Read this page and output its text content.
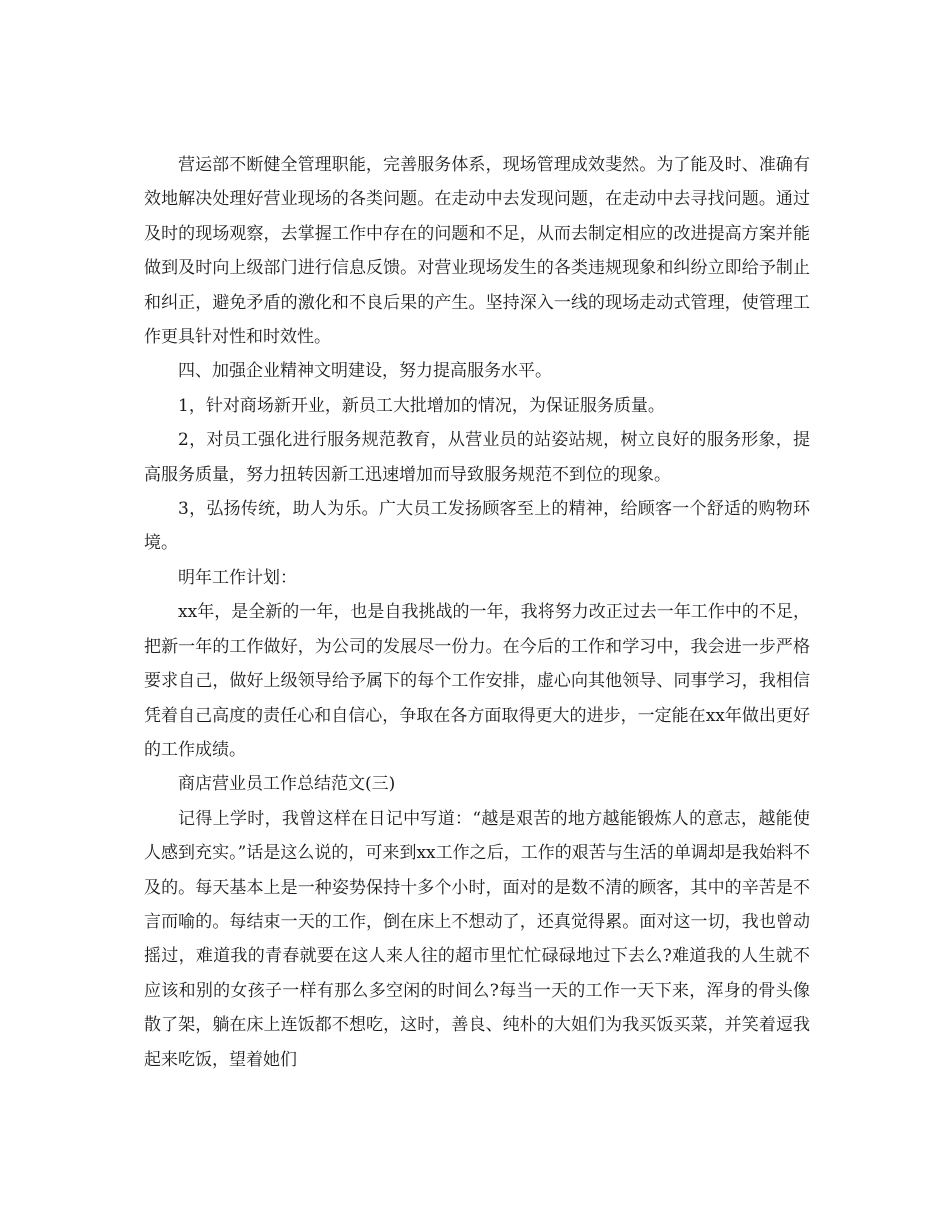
营运部不断健全管理职能，完善服务体系，现场管理成效斐然。为了能及时、准确有效地解决处理好营业现场的各类问题。在走动中去发现问题，在走动中去寻找问题。通过及时的现场观察，去掌握工作中存在的问题和不足，从而去制定相应的改进提高方案并能做到及时向上级部门进行信息反馈。对营业现场发生的各类违规现象和纠纷立即给予制止和纠正，避免矛盾的激化和不良后果的产生。坚持深入一线的现场走动式管理，使管理工作更具针对性和时效性。

四、加强企业精神文明建设，努力提高服务水平。

1，针对商场新开业，新员工大批增加的情况，为保证服务质量。

2，对员工强化进行服务规范教育，从营业员的站姿站规，树立良好的服务形象，提高服务质量，努力扭转因新工迅速增加而导致服务规范不到位的现象。

3，弘扬传统，助人为乐。广大员工发扬顾客至上的精神，给顾客一个舒适的购物环境。

明年工作计划：

xx年，是全新的一年，也是自我挑战的一年，我将努力改正过去一年工作中的不足，把新一年的工作做好，为公司的发展尽一份力。在今后的工作和学习中，我会进一步严格要求自己，做好上级领导给予属下的每个工作安排，虚心向其他领导、同事学习，我相信凭着自己高度的责任心和自信心，争取在各方面取得更大的进步，一定能在xx年做出更好的工作成绩。

商店营业员工作总结范文(三)

记得上学时，我曾这样在日记中写道：“越是艰苦的地方越能锻炼人的意志，越能使人感到充实。”话是这么说的，可来到xx工作之后，工作的艰苦与生活的单调却是我始料不及的。每天基本上是一种姿势保持十多个小时，面对的是数不清的顾客，其中的辛苦是不言而喻的。每结束一天的工作，倒在床上不想动了，还真觉得累。面对这一切，我也曾动摇过，难道我的青春就要在这人来人往的超市里忙忙碌碌地过下去么?难道我的人生就不应该和别的女孩子一样有那么多空闲的时间么?每当一天的工作一天下来，浑身的骨头像散了架，躺在床上连饭都不想吃，这时，善良、纯朴的大姐们为我买饭买菜，并笑着逗我起来吃饭，望着她们
